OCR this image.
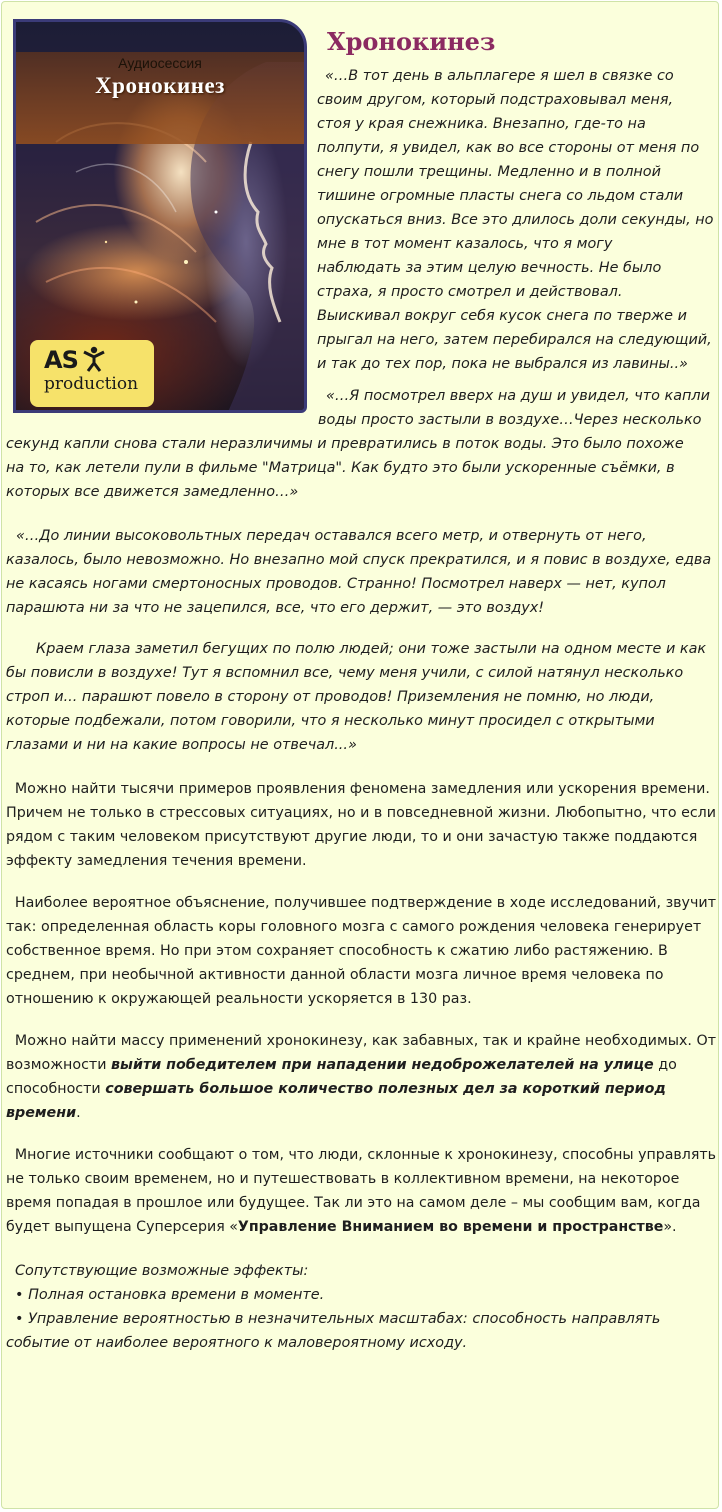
Аудиосессия
Хронокинез
AS
production
Хронокинез
«…В тот день в альплагере я шел в связке со
своим другом, который подстраховывал меня,
стоя у края снежника. Внезапно, где-то на
полпути, я увидел, как во все стороны от меня по
снегу пошли трещины. Медленно и в полной
тишине огромные пласты снега со льдом стали
опускаться вниз. Все это длилось доли секунды, но
мне в тот момент казалось, что я могу
наблюдать за этим целую вечность. Не было
страха, я просто смотрел и действовал.
Выискивал вокруг себя кусок снега по тверже и
прыгал на него, затем перебирался на следующий,
и так до тех пор, пока не выбрался из лавины..»
«…Я посмотрел вверх на душ и увидел, что капли
воды просто застыли в воздухе…Через несколько
секунд капли снова стали неразличимы и превратились в поток воды. Это было похоже
на то, как летели пули в фильме "Матрица". Как будто это были ускоренные съёмки, в
которых все движется замедленно…»
«…До линии высоковольтных передач оставался всего метр, и отвернуть от него,
казалось, было невозможно. Но внезапно мой спуск прекратился, и я повис в воздухе, едва
не касаясь ногами смертоносных проводов. Странно! Посмотрел наверх — нет, купол
парашюта ни за что не зацепился, все, что его держит, — это воздух!
Краем глаза заметил бегущих по полю людей; они тоже застыли на одном месте и как
бы повисли в воздухе! Тут я вспомнил все, чему меня учили, с силой натянул несколько
строп и... парашют повело в сторону от проводов! Приземления не помню, но люди,
которые подбежали, потом говорили, что я несколько минут просидел с открытыми
глазами и ни на какие вопросы не отвечал...»
Можно найти тысячи примеров проявления феномена замедления или ускорения времени.
Причем не только в стрессовых ситуациях, но и в повседневной жизни. Любопытно, что если
рядом с таким человеком присутствуют другие люди, то и они зачастую также поддаются
эффекту замедления течения времени.
Наиболее вероятное объяснение, получившее подтверждение в ходе исследований, звучит
так: определенная область коры головного мозга с самого рождения человека генерирует
собственное время. Но при этом сохраняет способность к сжатию либо растяжению. В
среднем, при необычной активности данной области мозга личное время человека по
отношению к окружающей реальности ускоряется в 130 раз.
Можно найти массу применений хронокинезу, как забавных, так и крайне необходимых. От
возможности выйти победителем при нападении недоброжелателей на улице до
способности совершать большое количество полезных дел за короткий период
времени.
Многие источники сообщают о том, что люди, склонные к хронокинезу, способны управлять
не только своим временем, но и путешествовать в коллективном времени, на некоторое
время попадая в прошлое или будущее. Так ли это на самом деле – мы сообщим вам, когда
будет выпущена Суперсерия «Управление Вниманием во времени и пространстве».
Сопутствующие возможные эффекты:
• Полная остановка времени в моменте.
• Управление вероятностью в незначительных масштабах: способность направлять
событие от наиболее вероятного к маловероятному исходу.
